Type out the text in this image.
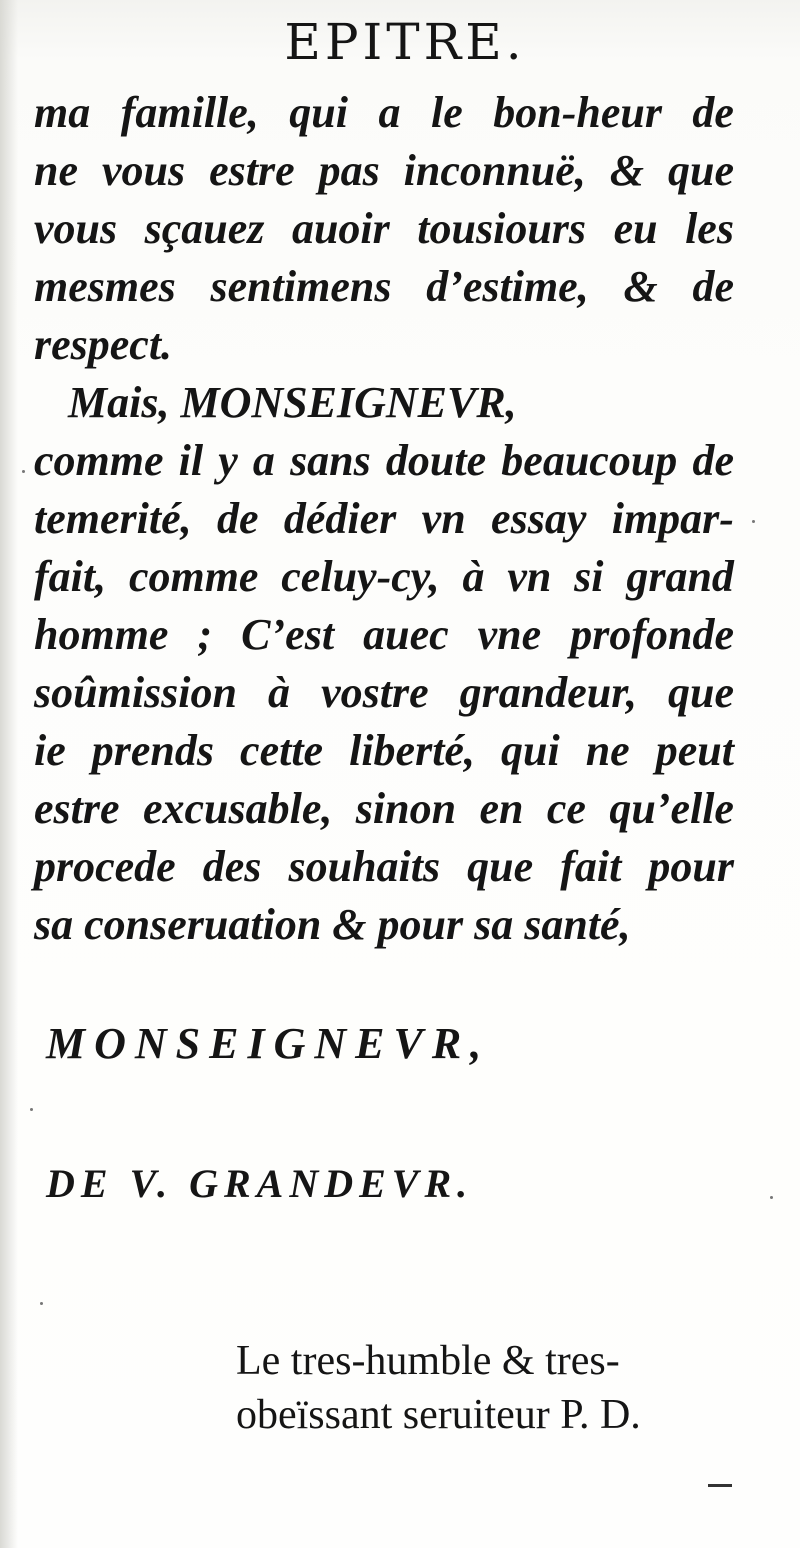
EPITRE.
ma famille, qui a le bon-heur de
ne vous estre pas inconnuë, & que
vous sçauez auoir tousiours eu les
mesmes sentimens d’estime, & de
respect.
Mais, MONSEIGNEVR,
comme il y a sans doute beaucoup de
temerité, de dédier vn essay impar-
fait, comme celuy-cy, à vn si grand
homme ; C’est auec vne profonde
soûmission à vostre grandeur, que
ie prends cette liberté, qui ne peut
estre excusable, sinon en ce qu’elle
procede des souhaits que fait pour
sa conseruation & pour sa santé,
MONSEIGNEVR,
DE V. GRANDEVR.
Le tres-humble & tres-
obeïssant seruiteur P. D.
